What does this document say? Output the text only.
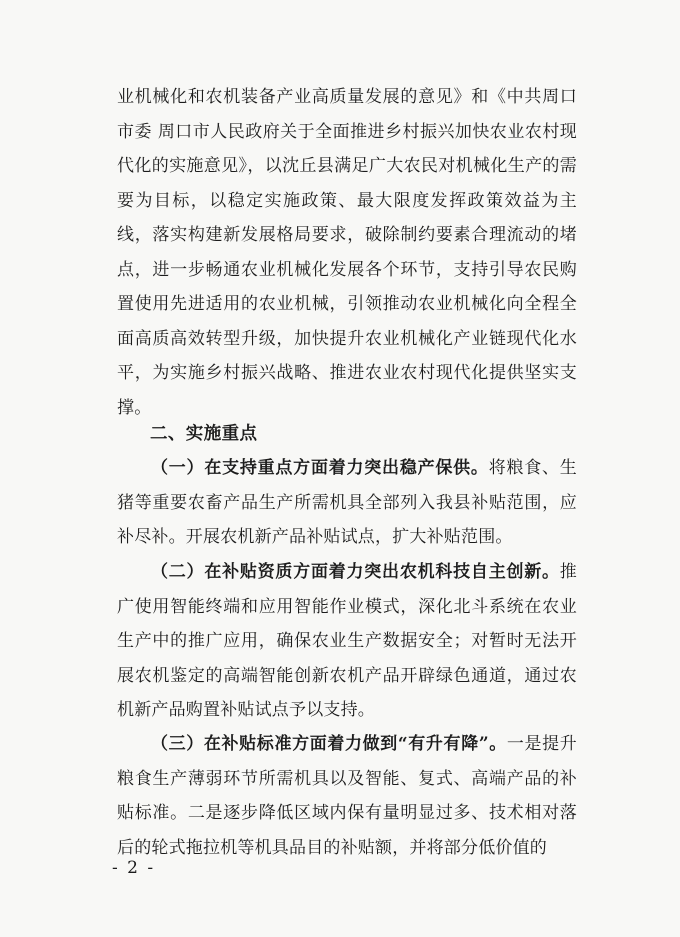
业机械化和农机装备产业高质量发展的意见》和《中共周口市委 周口市人民政府关于全面推进乡村振兴加快农业农村现代化的实施意见》，以沈丘县满足广大农民对机械化生产的需要为目标，以稳定实施政策、最大限度发挥政策效益为主线，落实构建新发展格局要求，破除制约要素合理流动的堵点，进一步畅通农业机械化发展各个环节，支持引导农民购置使用先进适用的农业机械，引领推动农业机械化向全程全面高质高效转型升级，加快提升农业机械化产业链现代化水平，为实施乡村振兴战略、推进农业农村现代化提供坚实支撑。

二、实施重点

（一）在支持重点方面着力突出稳产保供。将粮食、生猪等重要农畜产品生产所需机具全部列入我县补贴范围，应补尽补。开展农机新产品补贴试点，扩大补贴范围。

（二）在补贴资质方面着力突出农机科技自主创新。推广使用智能终端和应用智能作业模式，深化北斗系统在农业生产中的推广应用，确保农业生产数据安全；对暂时无法开展农机鉴定的高端智能创新农机产品开辟绿色通道，通过农机新产品购置补贴试点予以支持。

（三）在补贴标准方面着力做到“有升有降”。一是提升粮食生产薄弱环节所需机具以及智能、复式、高端产品的补贴标准。二是逐步降低区域内保有量明显过多、技术相对落后的轮式拖拉机等机具品目的补贴额，并将部分低价值的

- 2 -
